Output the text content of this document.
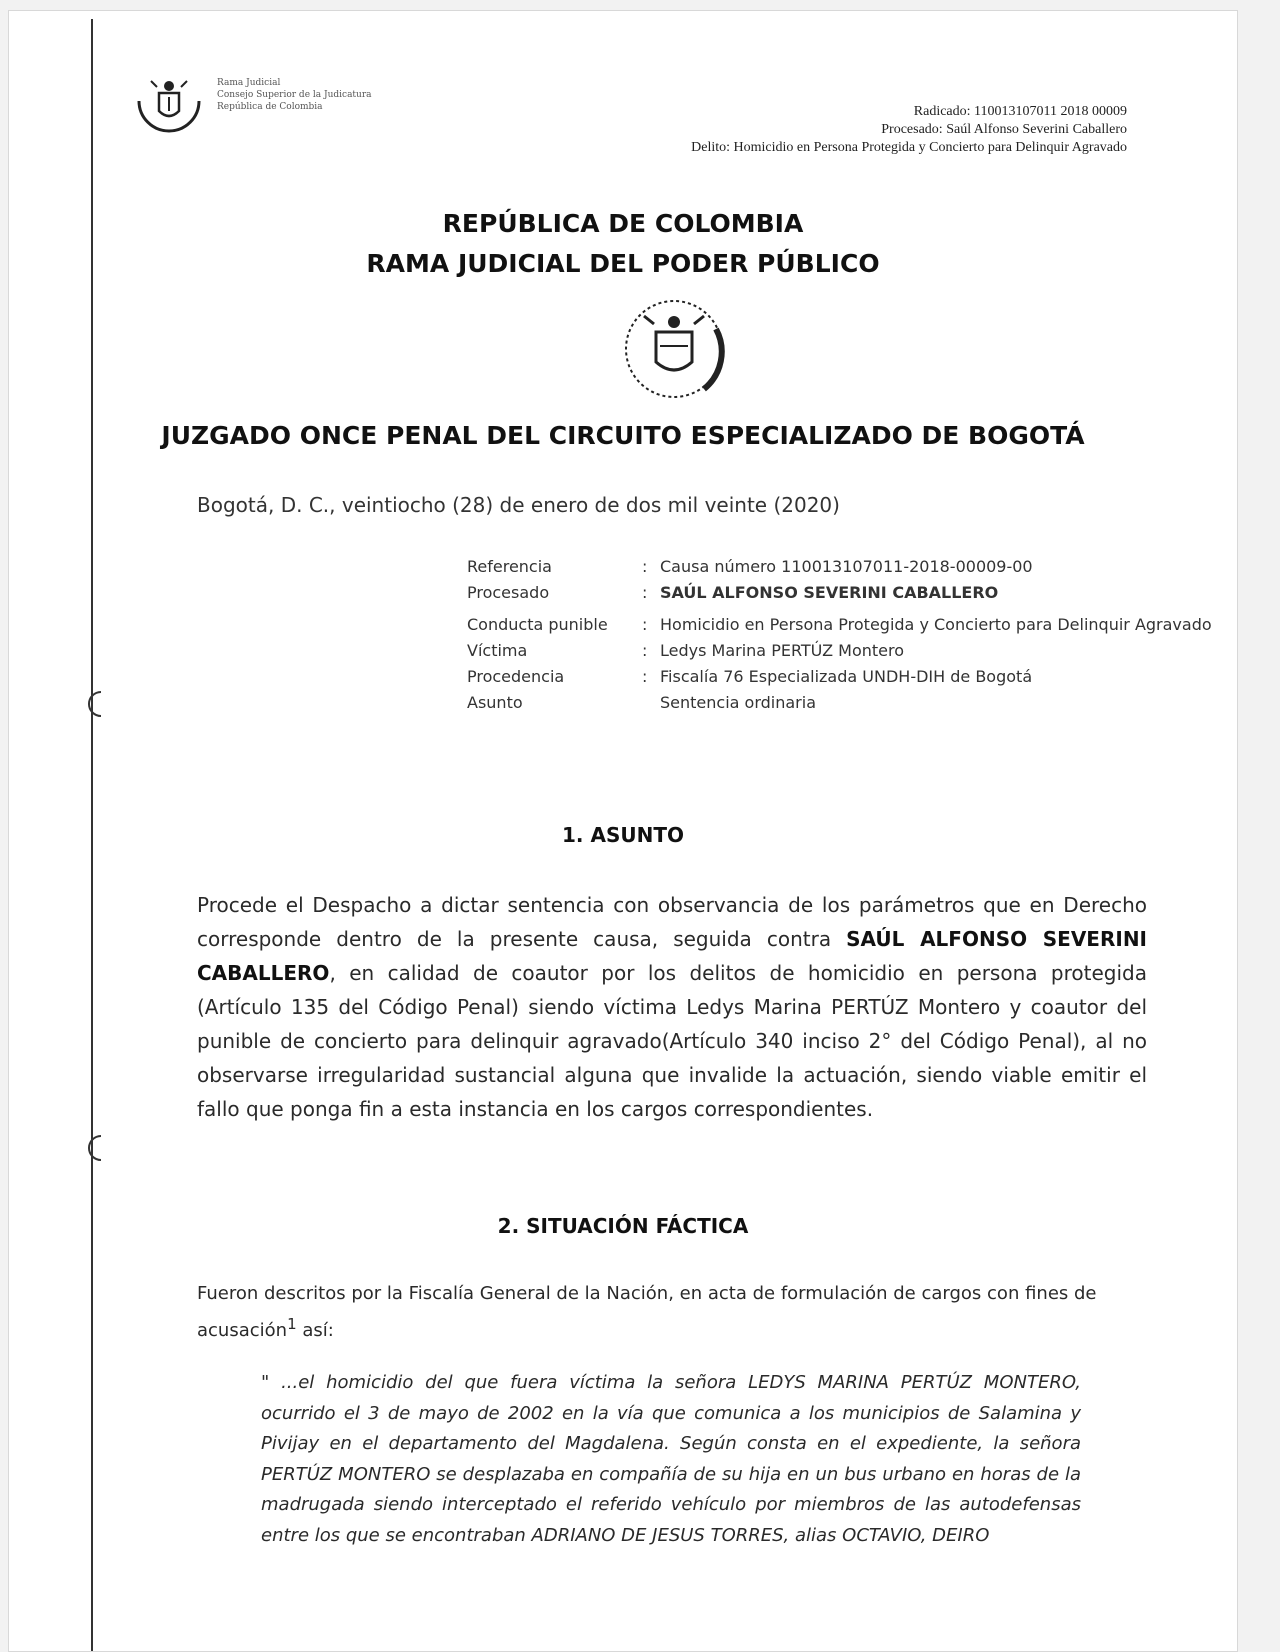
Rama Judicial
Consejo Superior de la Judicatura
República de Colombia	Radicado: 110013107011 2018 00009
Procesado: Saúl Alfonso Severini Caballero
Delito: Homicidio en Persona Protegida y Concierto para Delinquir Agravado
REPÚBLICA DE COLOMBIA
RAMA JUDICIAL DEL PODER PÚBLICO
JUZGADO ONCE PENAL DEL CIRCUITO ESPECIALIZADO DE BOGOTÁ
Bogotá, D. C., veintiocho (28) de enero de dos mil veinte (2020)
Referencia	: Causa número 110013107011-2018-00009-00
Procesado	: SAÚL ALFONSO SEVERINI CABALLERO
Conducta punible	: Homicidio en Persona Protegida y Concierto para Delinquir Agravado
Víctima	: Ledys Marina PERTÚZ Montero
Procedencia	: Fiscalía 76 Especializada UNDH-DIH de Bogotá
Asunto	Sentencia ordinaria
1. ASUNTO
Procede el Despacho a dictar sentencia con observancia de los parámetros que en Derecho corresponde dentro de la presente causa, seguida contra SAÚL ALFONSO SEVERINI CABALLERO, en calidad de coautor por los delitos de homicidio en persona protegida (Artículo 135 del Código Penal) siendo víctima Ledys Marina PERTÚZ Montero y coautor del punible de concierto para delinquir agravado(Artículo 340 inciso 2° del Código Penal), al no observarse irregularidad sustancial alguna que invalide la actuación, siendo viable emitir el fallo que ponga fin a esta instancia en los cargos correspondientes.
2. SITUACIÓN FÁCTICA
Fueron descritos por la Fiscalía General de la Nación, en acta de formulación de cargos con fines de acusación$^1$ así:
" ...el homicidio del que fuera víctima la señora LEDYS MARINA PERTÚZ MONTERO, ocurrido el 3 de mayo de 2002 en la vía que comunica a los municipios de Salamina y Pivijay en el departamento del Magdalena. Según consta en el expediente, la señora PERTÚZ MONTERO se desplazaba en compañía de su hija en un bus urbano en horas de la madrugada siendo interceptado el referido vehículo por miembros de las autodefensas entre los que se encontraban ADRIANO DE JESUS TORRES, alias OCTAVIO, DEIRO
